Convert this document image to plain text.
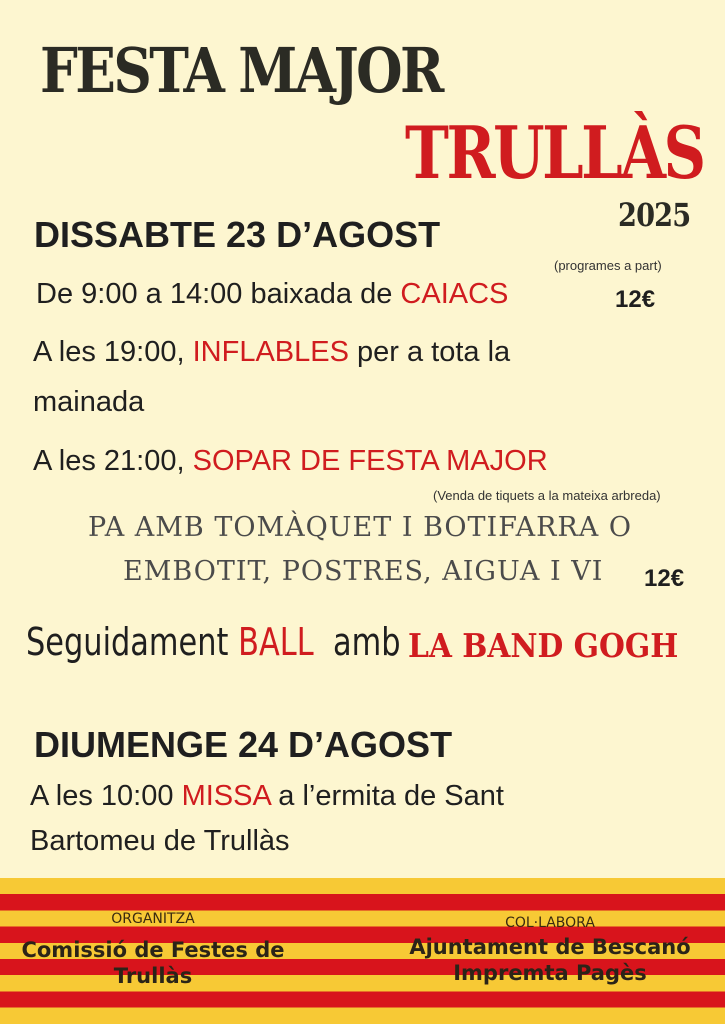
FESTA MAJOR
TRULLÀS
2025
DISSABTE 23 D’AGOST
(programes a part)
De 9:00 a 14:00 baixada de CAIACS	12€
A les 19:00, INFLABLES per a tota la
mainada
A les 21:00, SOPAR DE FESTA MAJOR
(Venda de tiquets a la mateixa arbreda)
PA AMB TOMÀQUET I BOTIFARRA O
EMBOTIT, POSTRES, AIGUA I VI 12€
Seguidament BALL amb LA BAND GOGH
DIUMENGE 24 D’AGOST
A les 10:00 MISSA a l’ermita de Sant
Bartomeu de Trullàs
ORGANITZA
Comissió de Festes de Trullàs
COL·LABORA
Ajuntament de Bescanó
Impremta Pagès
